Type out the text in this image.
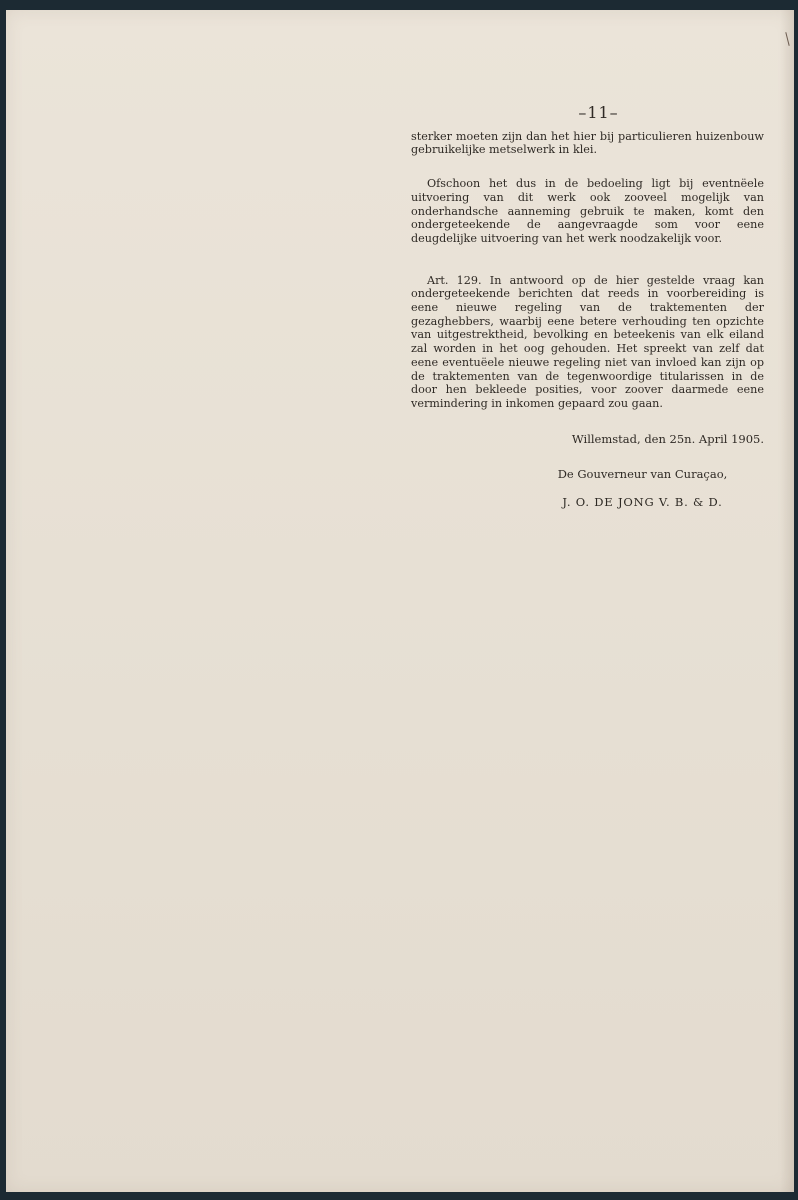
–11–

sterker moeten zijn dan het hier bij particulieren huizenbouw gebruikelijke metselwerk in klei.

Ofschoon het dus in de bedoeling ligt bij eventnëele uitvoering van dit werk ook zooveel mogelijk van onderhandsche aanneming gebruik te maken, komt den ondergeteekende de aangevraagde som voor eene deugdelijke uitvoering van het werk noodzakelijk voor.

Art. 129. In antwoord op de hier gestelde vraag kan ondergeteekende berichten dat reeds in voorbereiding is eene nieuwe regeling van de traktementen der gezaghebbers, waarbij eene betere verhouding ten opzichte van uitgestrektheid, bevolking en beteekenis van elk eiland zal worden in het oog gehouden. Het spreekt van zelf dat eene eventuëele nieuwe regeling niet van invloed kan zijn op de traktementen van de tegenwoordige titularissen in de door hen bekleede posities, voor zoover daarmede eene vermindering in inkomen gepaard zou gaan.

Willemstad, den 25n. April 1905.
De Gouverneur van Curaçao,
J. O. DE JONG V. B. & D.
